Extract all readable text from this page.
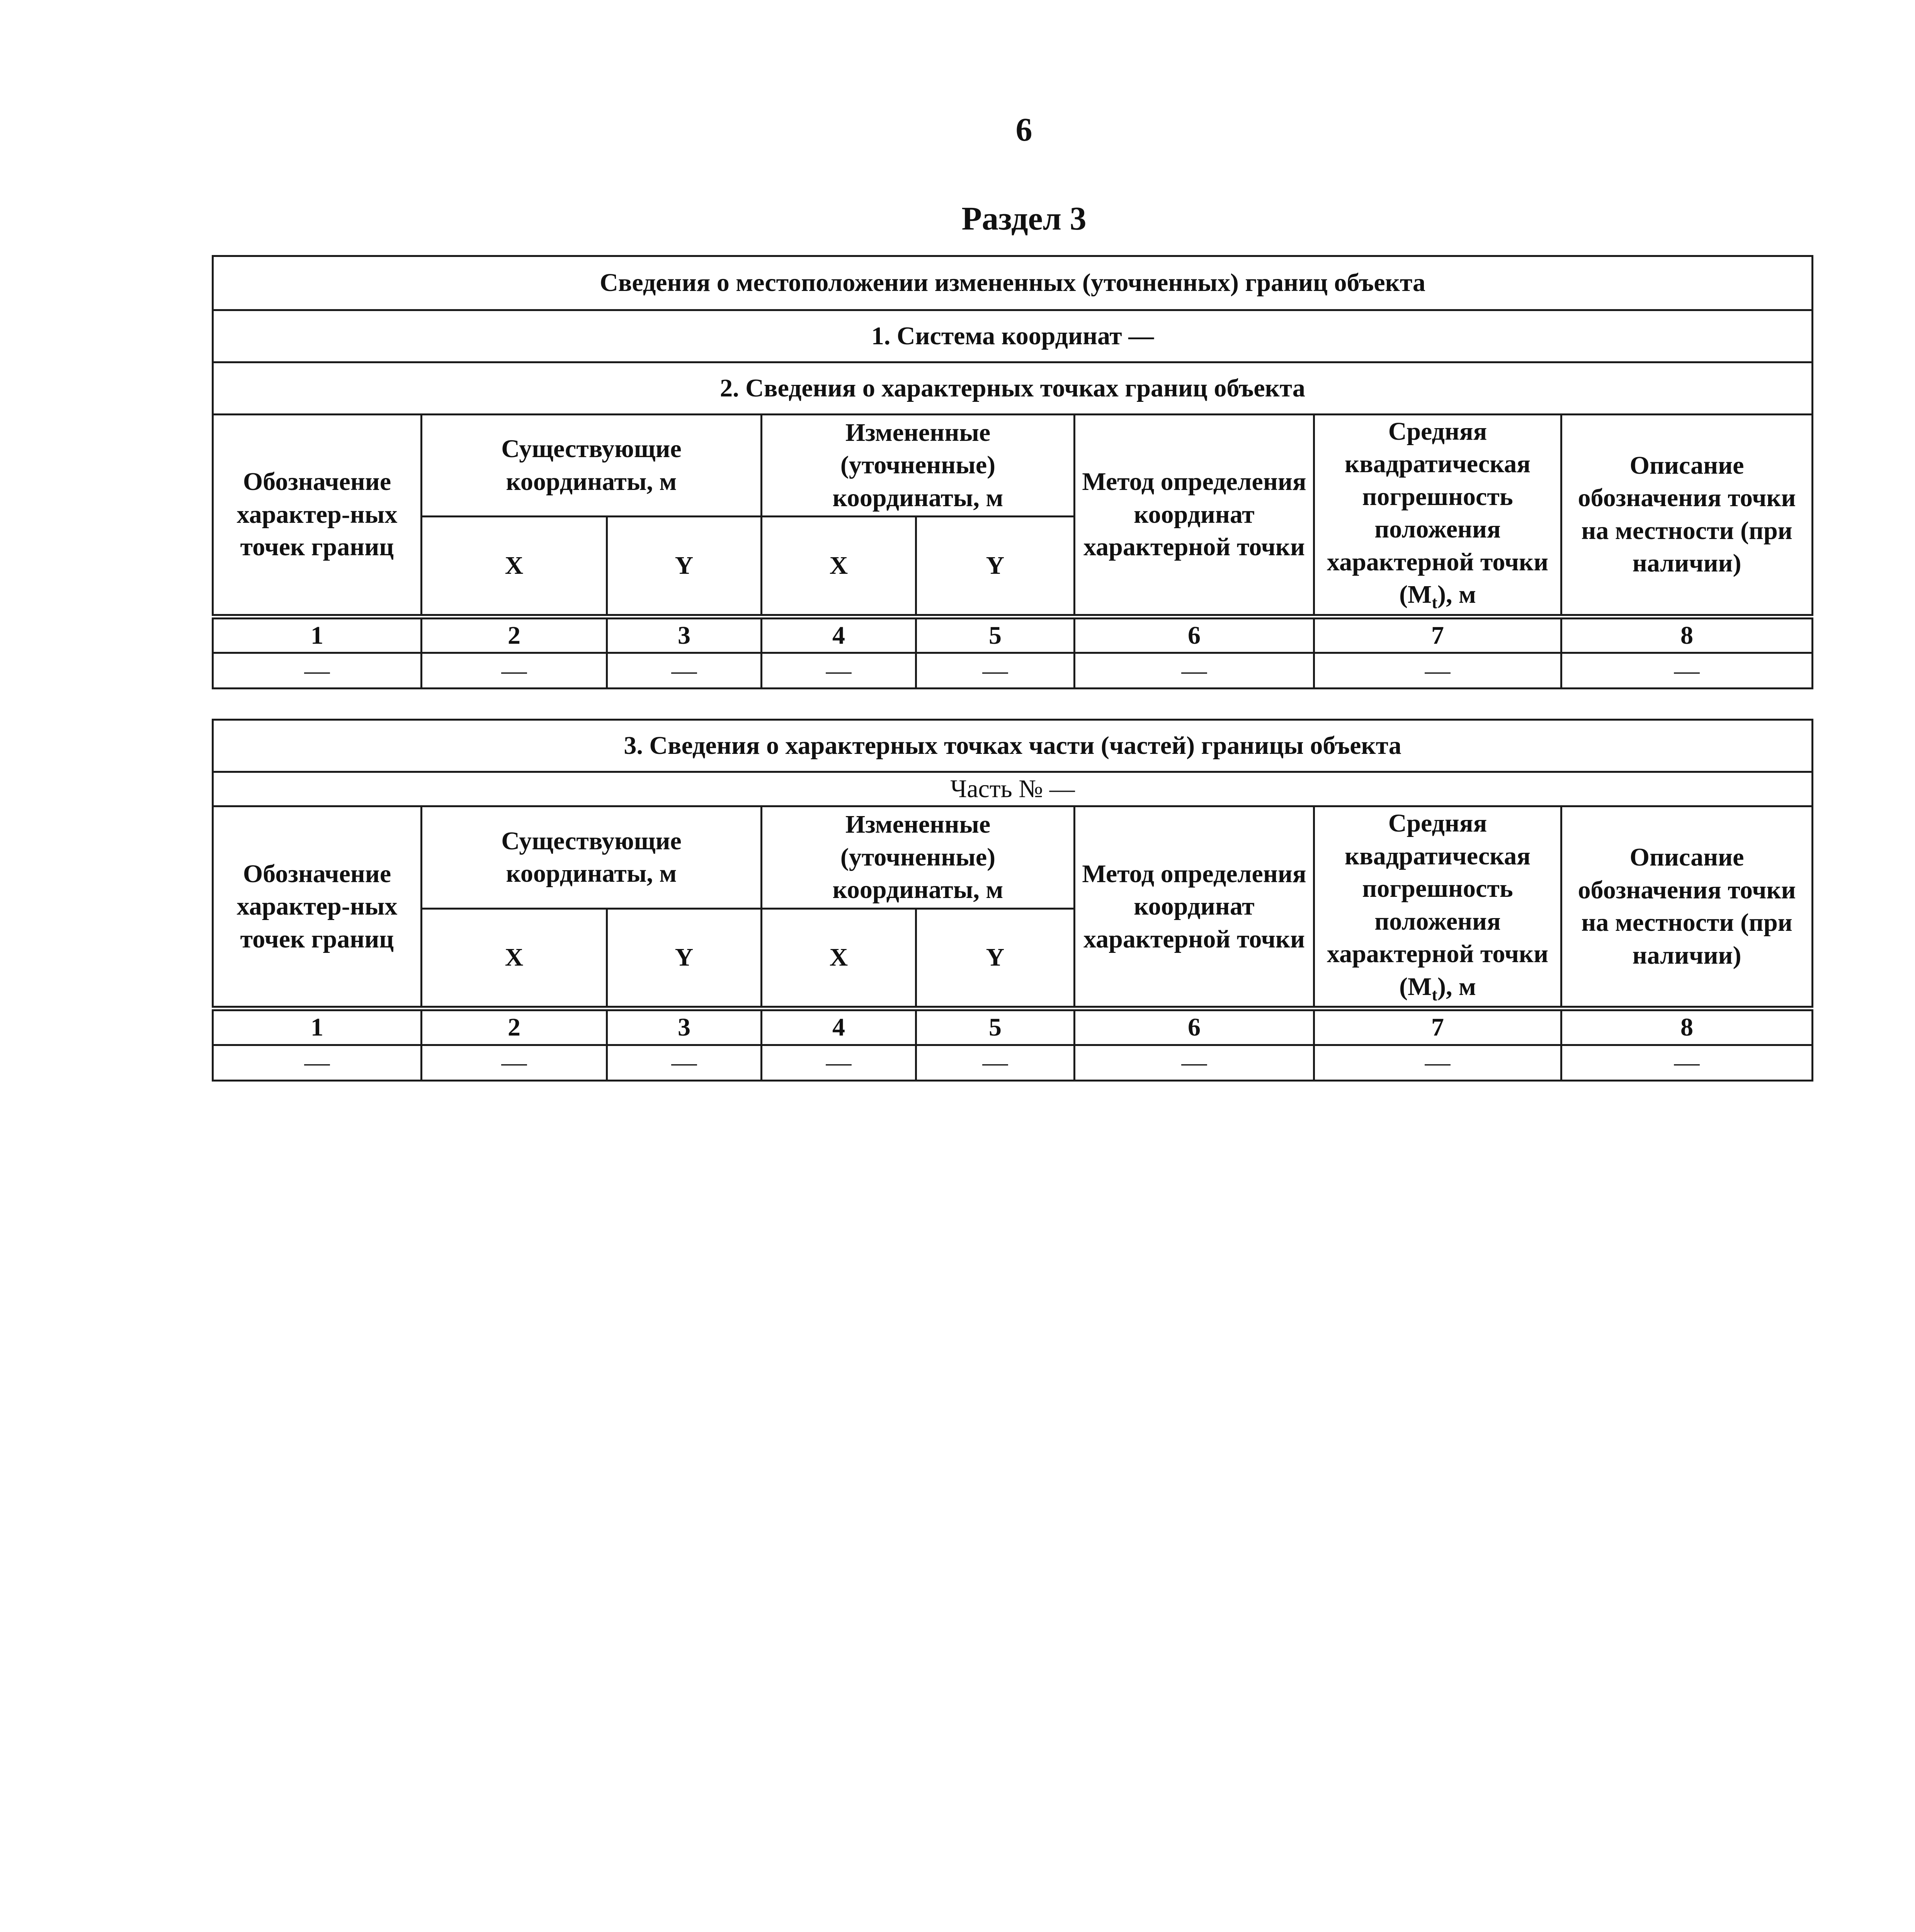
6
Раздел 3
Сведения о местоположении измененных (уточненных) границ объекта							
1. Система координат —							
2. Сведения о характерных точках границ объекта							
Обозначение характер-ных точек границ	Существующие координаты, м		Измененные (уточненные) координаты, м		Метод определения координат характерной точки	Средняя квадратическая погрешность положения характерной точки $(M_t)$, м	Описание обозначения точки на местности (при наличии)
	X	Y	X	Y			
1	2	3	4	5	6	7	8
—	—	—	—	—	—	—	—
3. Сведения о характерных точках части (частей) границы объекта							
Часть № —							
Обозначение характер-ных точек границ	Существующие координаты, м		Измененные (уточненные) координаты, м		Метод определения координат характерной точки	Средняя квадратическая погрешность положения характерной точки $(M_t)$, м	Описание обозначения точки на местности (при наличии)
	X	Y	X	Y			
1	2	3	4	5	6	7	8
—	—	—	—	—	—	—	—
